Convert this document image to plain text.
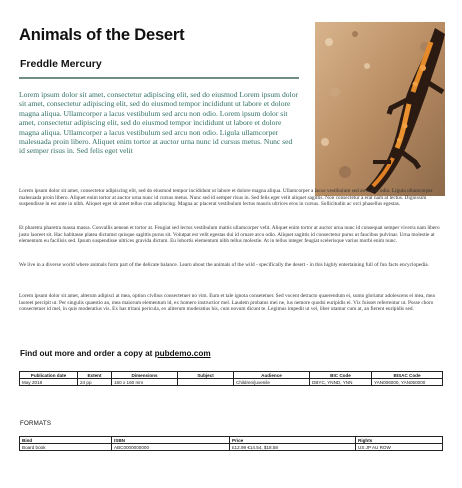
Animals of the Desert
Freddle Mercury

Lorem ipsum dolor sit amet, consectetur adipiscing elit, sed do eiusmod Lorem ipsum dolor sit amet, consectetur adipiscing elit, sed do eiusmod tempor incididunt ut labore et dolore magna aliqua. Ullamcorper a lacus vestibulum sed arcu non odio. Lorem ipsum dolor sit amet, consectetur adipiscing elit, sed do eiusmod tempor incididunt ut labore et dolore magna aliqua. Ullamcorper a lacus vestibulum sed arcu non odio. Ligula ullamcorper malesuada proin libero. Aliquet enim tortor at auctor urna nunc id cursus metus. Nunc sed id semper risus in. Sed felis eget velit

Lorem ipsum dolor sit amet, consectetur adipiscing elit, sed do eiusmod tempor incididunt ut labore et dolore magna aliqua. Ullamcorper a lacus vestibulum sed arcu non odio. Ligula ullamcorper malesuada proin libero. Aliquet enim tortor at auctor urna nunc id cursus metus. Nunc sed id semper risus in. Sed felis eget velit aliquet sagittis. Non consectetur a erat nam at lectus. Dignissim suspendisse in est ante in nibh. Aliquet eget sit amet tellus cras adipiscing. Magna ac placerat vestibulum lectus mauris ultrices eros in cursus. Sollicitudin ac orci phasellus egestas.

Et pharetra pharetra massa massa. Convallis aenean et tortor at. Feugiat sed lectus vestibulum mattis ullamcorper velit. Aliquet enim tortor at auctor urna nunc id consequat semper viverra nam libero justo laoreet sit. Hac habitasse platea dictumst quisque sagittis purus sit. Volutpat est velit egestas dui id ornare arcu odio. Aliquet sagittis id consectetur purus ut faucibus pulvinar. Urna molestie at elementum eu facilisis sed. Ipsum suspendisse ultrices gravida dictum. Eu lobortis elementum nibh tellus molestie. At in tellus integer feugiat scelerisque varius morbi enim nunc.

We live in a diverse world where animals form part of the delicate balance. Learn about the animals of the wild - specifically the desert - in this highly entertaining full of fun facts encyclopedia.

Lorem ipsum dolor sit amet, alterum adipisci at mea, option civibus consectetuer no vim. Eum et tale ignota consetetuer. Sed vocent detracto quaerendum ei, sumo gloriatur adolescens ei mea, mea laoreet percipit ut. Per singulis quaestio an, mea maiorum elementum id, ex homero instructior mel. Laudem probatus mei ne, ius nemore quodsi euripidis ei. Vix fuisset referrentur ut. Posse choro consectetuer id mel, in quis moderatius vis. Ex has tritani pericula, ex aliterum moderatius his, cum novum dicunt te. Legimus impedit ut vel, liber utamur cum at, an fierent euripidis sed.

Find out more and order a copy at pubdemo.com
Publication date	Extent	Dimensions	Subject	Audience	BIC Code	BISAC Code
May 2018	24 pp	160 x 160 mm		Children/juvenile	DBYC, YNND, YNN	YAN006000, YAN050000
FORMATS
Bind	ISBN	Price	Rights
Board book	ABC0000000000	£12.99 €14.54, $18.58	US JP AU ROW
